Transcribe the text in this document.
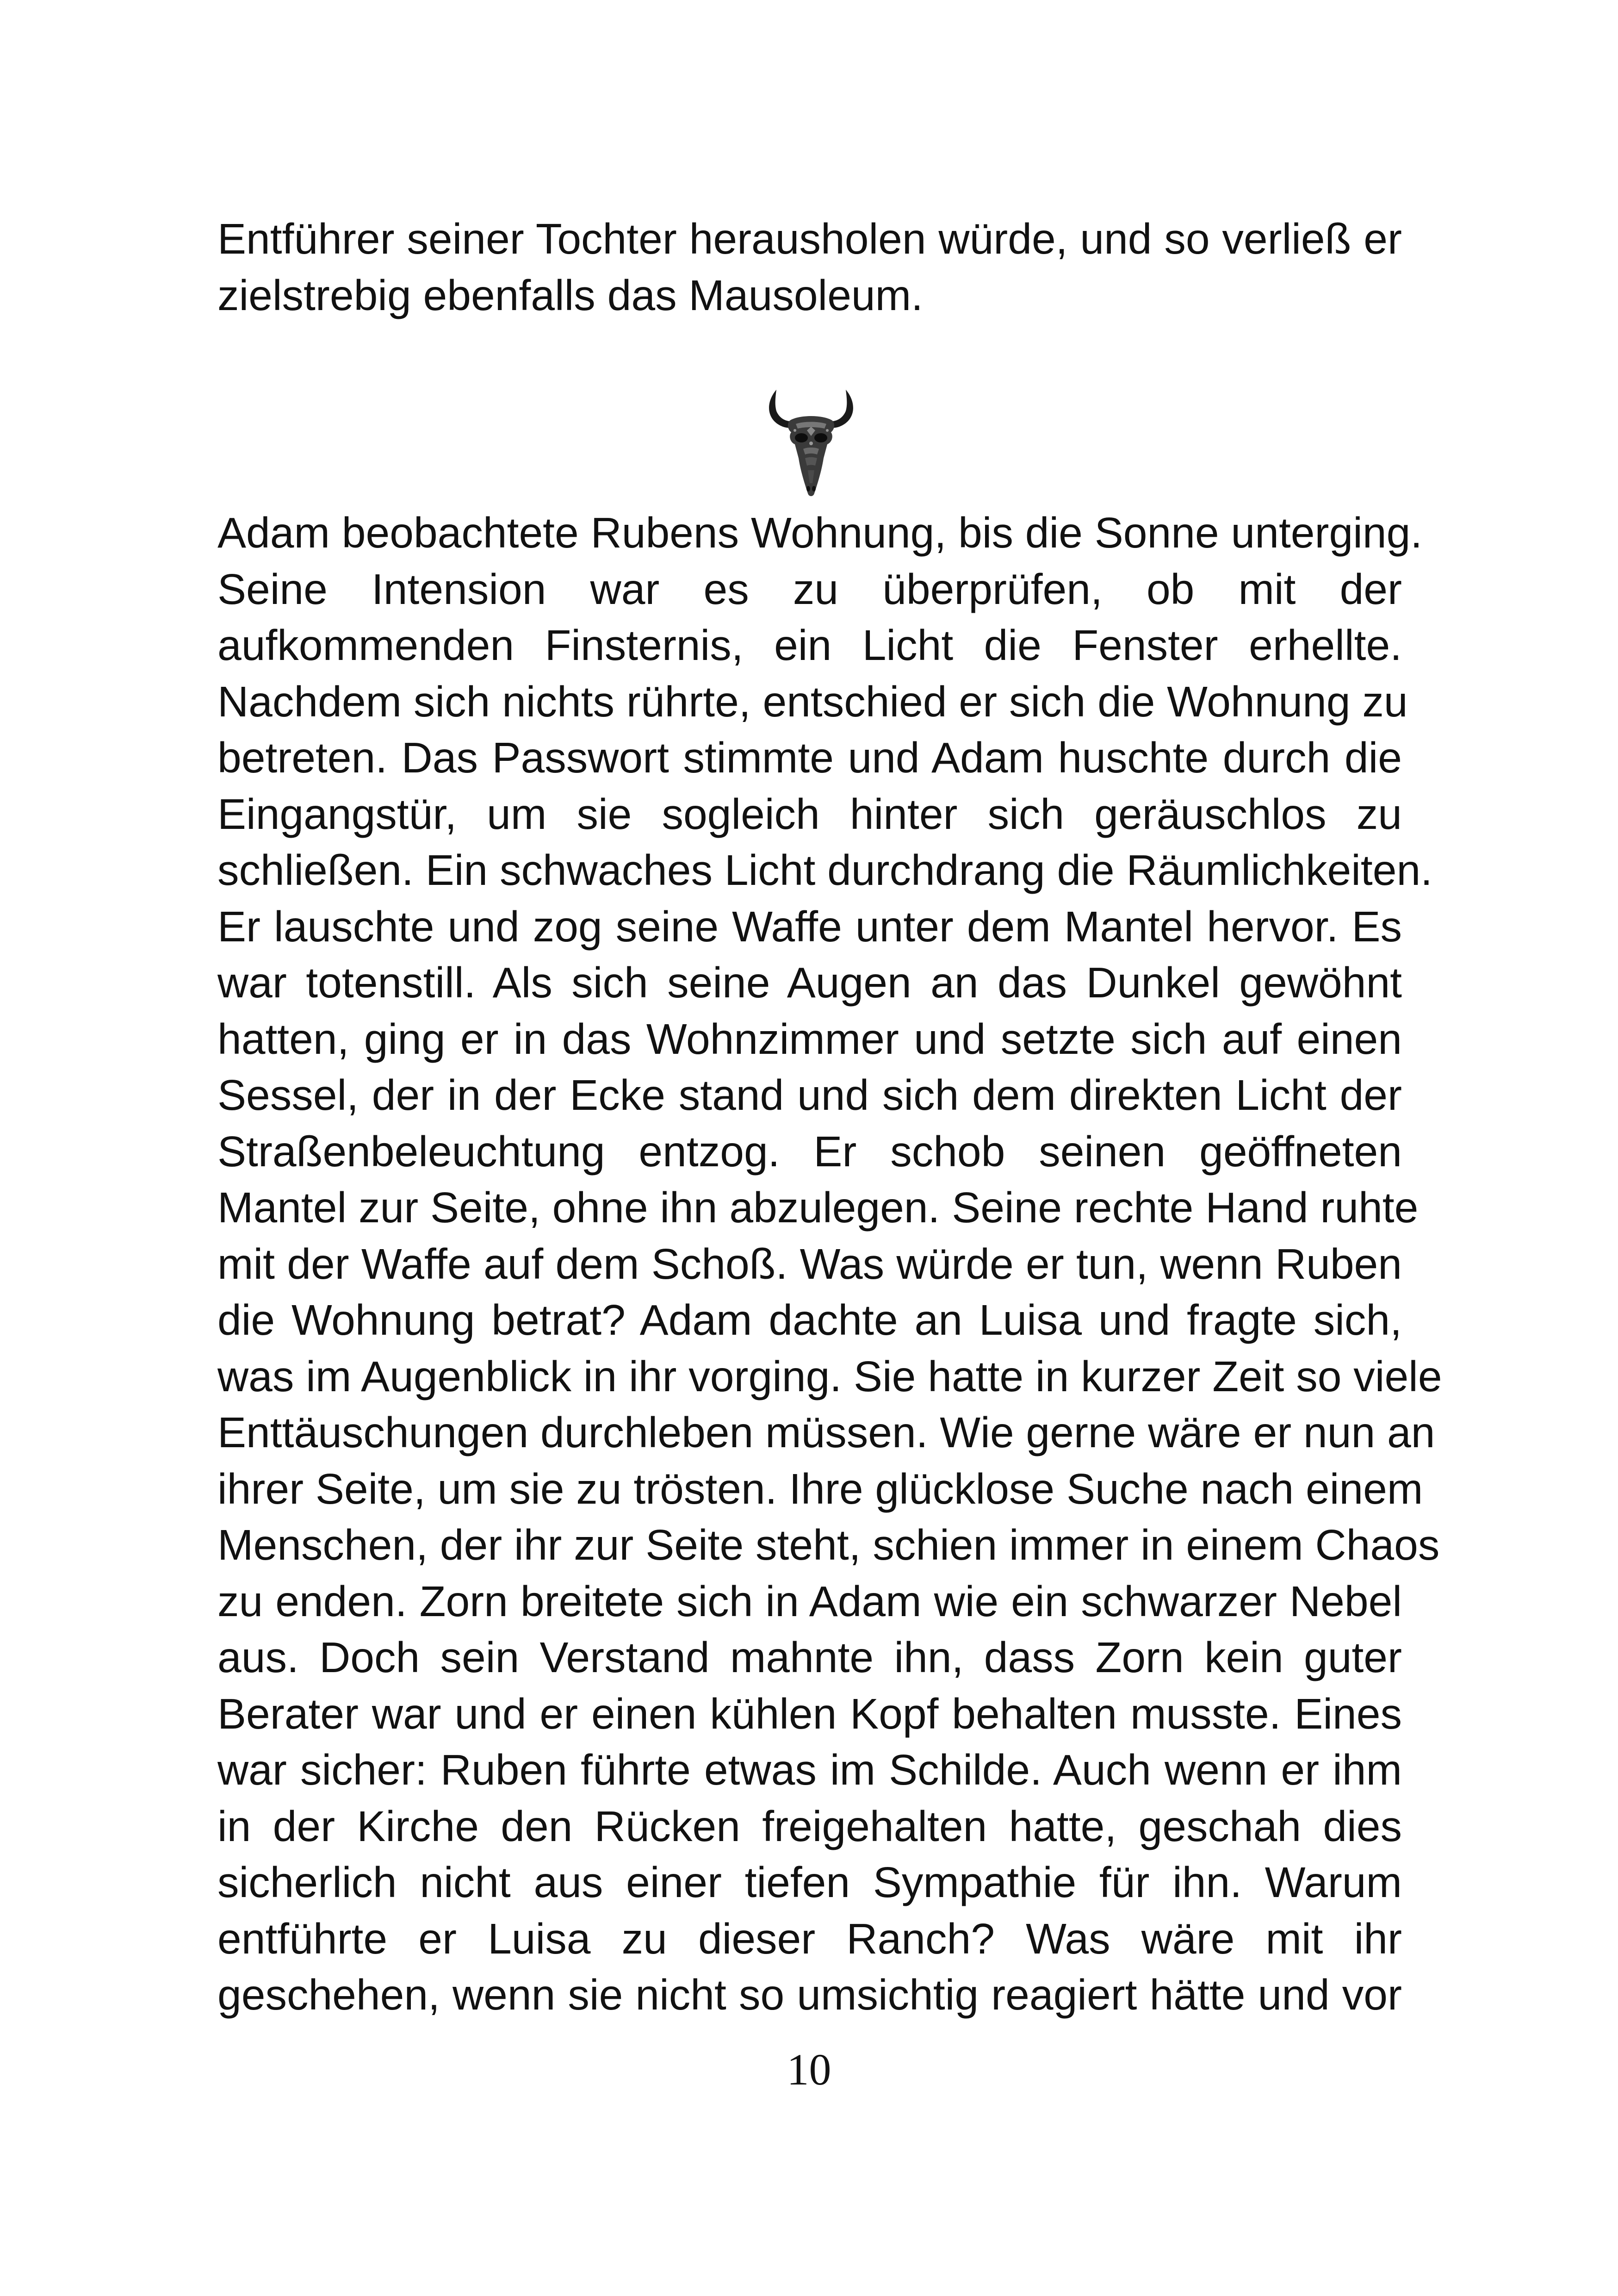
Entführer seiner Tochter herausholen würde, und so verließ er
zielstrebig ebenfalls das Mausoleum.
Adam beobachtete Rubens Wohnung, bis die Sonne unterging.
Seine Intension war es zu überprüfen, ob mit der
aufkommenden Finsternis, ein Licht die Fenster erhellte.
Nachdem sich nichts rührte, entschied er sich die Wohnung zu
betreten. Das Passwort stimmte und Adam huschte durch die
Eingangstür, um sie sogleich hinter sich geräuschlos zu
schließen. Ein schwaches Licht durchdrang die Räumlichkeiten.
Er lauschte und zog seine Waffe unter dem Mantel hervor. Es
war totenstill. Als sich seine Augen an das Dunkel gewöhnt
hatten, ging er in das Wohnzimmer und setzte sich auf einen
Sessel, der in der Ecke stand und sich dem direkten Licht der
Straßenbeleuchtung entzog. Er schob seinen geöffneten
Mantel zur Seite, ohne ihn abzulegen. Seine rechte Hand ruhte
mit der Waffe auf dem Schoß. Was würde er tun, wenn Ruben
die Wohnung betrat? Adam dachte an Luisa und fragte sich,
was im Augenblick in ihr vorging. Sie hatte in kurzer Zeit so viele
Enttäuschungen durchleben müssen. Wie gerne wäre er nun an
ihrer Seite, um sie zu trösten. Ihre glücklose Suche nach einem
Menschen, der ihr zur Seite steht, schien immer in einem Chaos
zu enden. Zorn breitete sich in Adam wie ein schwarzer Nebel
aus. Doch sein Verstand mahnte ihn, dass Zorn kein guter
Berater war und er einen kühlen Kopf behalten musste. Eines
war sicher: Ruben führte etwas im Schilde. Auch wenn er ihm
in der Kirche den Rücken freigehalten hatte, geschah dies
sicherlich nicht aus einer tiefen Sympathie für ihn. Warum
entführte er Luisa zu dieser Ranch? Was wäre mit ihr
geschehen, wenn sie nicht so umsichtig reagiert hätte und vor
10
